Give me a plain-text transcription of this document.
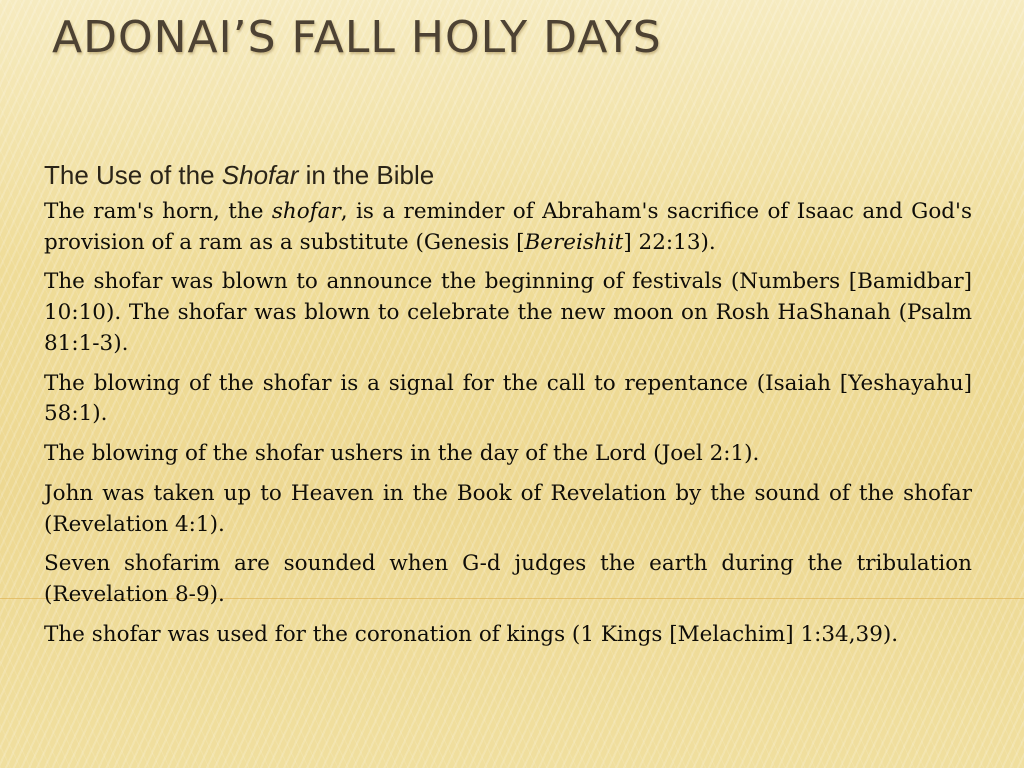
ADONAI’S FALL HOLY DAYS
The Use of the Shofar in the Bible

The ram's horn, the shofar, is a reminder of Abraham's sacrifice of Isaac and God's provision of a ram as a substitute (Genesis [Bereishit] 22:13).

The shofar was blown to announce the beginning of festivals (Numbers [Bamidbar] 10:10). The shofar was blown to celebrate the new moon on Rosh HaShanah (Psalm 81:1-3).

The blowing of the shofar is a signal for the call to repentance (Isaiah [Yeshayahu] 58:1).

The blowing of the shofar ushers in the day of the Lord (Joel 2:1).

John was taken up to Heaven in the Book of Revelation by the sound of the shofar (Revelation 4:1).

Seven shofarim are sounded when G-d judges the earth during the tribulation (Revelation 8-9).

The shofar was used for the coronation of kings (1 Kings [Melachim] 1:34,39).
